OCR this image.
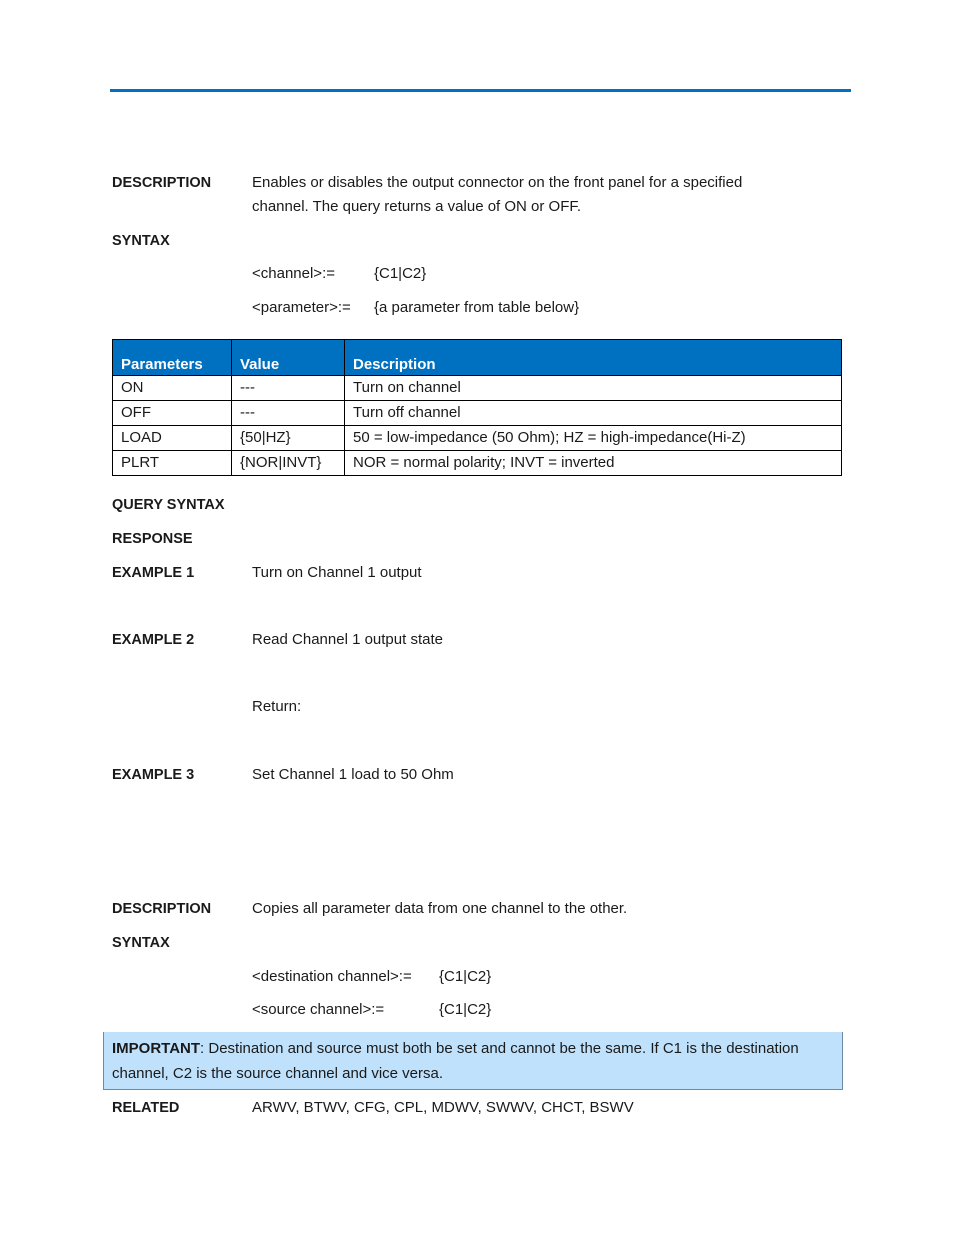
DESCRIPTION	Enables or disables the output connector on the front panel for a specified
channel. The query returns a value of ON or OFF.
SYNTAX
<channel>:=	{C1|C2}
<parameter>:= {a parameter from table below}
Parameters	Value	Description
ON	---	Turn on channel
OFF	---	Turn off channel
LOAD	{50|HZ}	50 = low-impedance (50 Ohm); HZ = high-impedance(Hi-Z)
PLRT	{NOR|INVT}	NOR = normal polarity; INVT = inverted
QUERY SYNTAX
RESPONSE
EXAMPLE 1	Turn on Channel 1 output
EXAMPLE 2	Read Channel 1 output state
Return:
EXAMPLE 3	Set Channel 1 load to 50 Ohm
DESCRIPTION	Copies all parameter data from one channel to the other.
SYNTAX
<destination channel>:= {C1|C2}
<source channel>:=	{C1|C2}
IMPORTANT: Destination and source must both be set and cannot be the same. If C1 is the destination
channel, C2 is the source channel and vice versa.
RELATED	ARWV, BTWV, CFG, CPL, MDWV, SWWV, CHCT, BSWV
